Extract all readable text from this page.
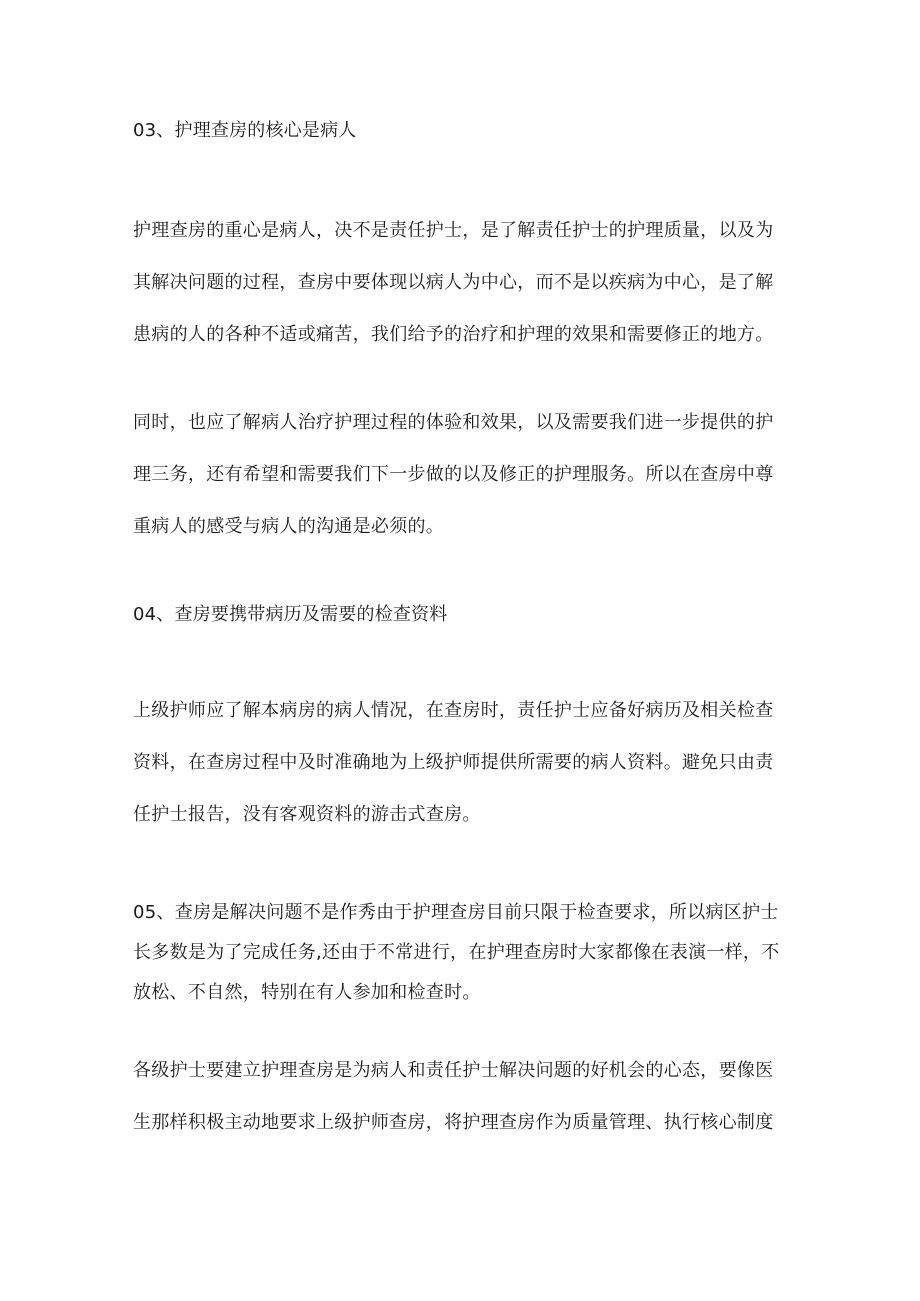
03、护理查房的核心是病人

护理查房的重心是病人，决不是责任护士，是了解责任护士的护理质量，以及为
其解决问题的过程，查房中要体现以病人为中心，而不是以疾病为中心，是了解
患病的人的各种不适或痛苦，我们给予的治疗和护理的效果和需要修正的地方。

同时，也应了解病人治疗护理过程的体验和效果，以及需要我们进一步提供的护
理三务，还有希望和需要我们下一步做的以及修正的护理服务。所以在查房中尊
重病人的感受与病人的沟通是必须的。

04、查房要携带病历及需要的检查资料

上级护师应了解本病房的病人情况，在查房时，责任护士应备好病历及相关检查
资料，在查房过程中及时准确地为上级护师提供所需要的病人资料。避免只由责
任护士报告，没有客观资料的游击式查房。

05、查房是解决问题不是作秀由于护理查房目前只限于检查要求，所以病区护士
长多数是为了完成任务,还由于不常进行，在护理查房时大家都像在表演一样，不
放松、不自然，特别在有人参加和检查时。

各级护士要建立护理查房是为病人和责任护士解决问题的好机会的心态，要像医
生那样积极主动地要求上级护师查房，将护理查房作为质量管理、执行核心制度
